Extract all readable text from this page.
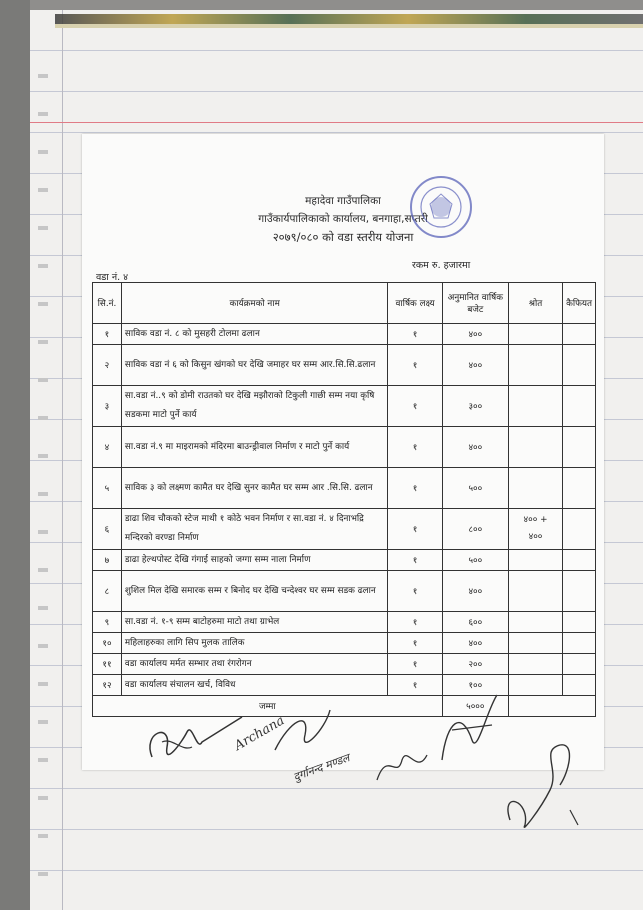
महादेवा गाउँपालिका
गाउँकार्यपालिकाको कार्यालय, बनगाहा,सप्तरी
२०७९/०८० को वडा स्तरीय योजना
रकम रु. हजारमा
वडा नं. ४
सि.नं.	कार्यक्रमको नाम	वार्षिक लक्ष्य	अनुमानित वार्षिक बजेट	श्रोत	कैफियत
१	साविक वडा नं. ८ को मुसहरी टोलमा ढलान	१	४००		
२	साविक वडा नं ६ को किसुन खंगको घर देखि जमाहर घर सम्म आर.सि.सि.ढलान	१	४००		
३	सा.वडा नं..९ को डोमी राउतको घर देखि मझौराको टिकुली गाछी सम्म नया कृषि सडकमा माटो पुर्ने कार्य	१	३००		
४	सा.वडा नं.९ मा माइरामको मंदिरमा बाउन्ड्रीवाल निर्माण र माटो पुर्ने कार्य	१	४००		
५	साविक ३ को लक्ष्मण कामैत घर देखि सुनर कामैत घर सम्म आर .सि.सि. ढलान	१	५००		
६	डाढा शिव चौकको स्टेज माथी १ कोठे भवन निर्माण र सा.वडा नं. ४ दिनाभद्रि मन्दिरको वरण्डा निर्माण	१	८००	४०० +
४००	

७	डाढा हेल्थपोस्ट देखि गंगाई साहको जग्गा सम्म नाला निर्माण	१	५००		
८	शुशिल मिल देखि समारक सम्म र बिनोद घर देखि चन्देश्वर घर सम्म सडक ढलान	१	४००		
९	सा.वडा नं. १-९ सम्म बाटोहरुमा माटो तथा ग्राभेल	१	६००		
१०	महिलाहरुका लागि सिप मुलक तालिक	१	४००		
११	वडा कार्यालय मर्मत सम्भार तथा रंगरोगन	१	२००		
१२	वडा कार्यालय संचालन खर्च, विविध	१	१००		
जम्मा			५०००		
Archana
दुर्गानन्द मण्डल
